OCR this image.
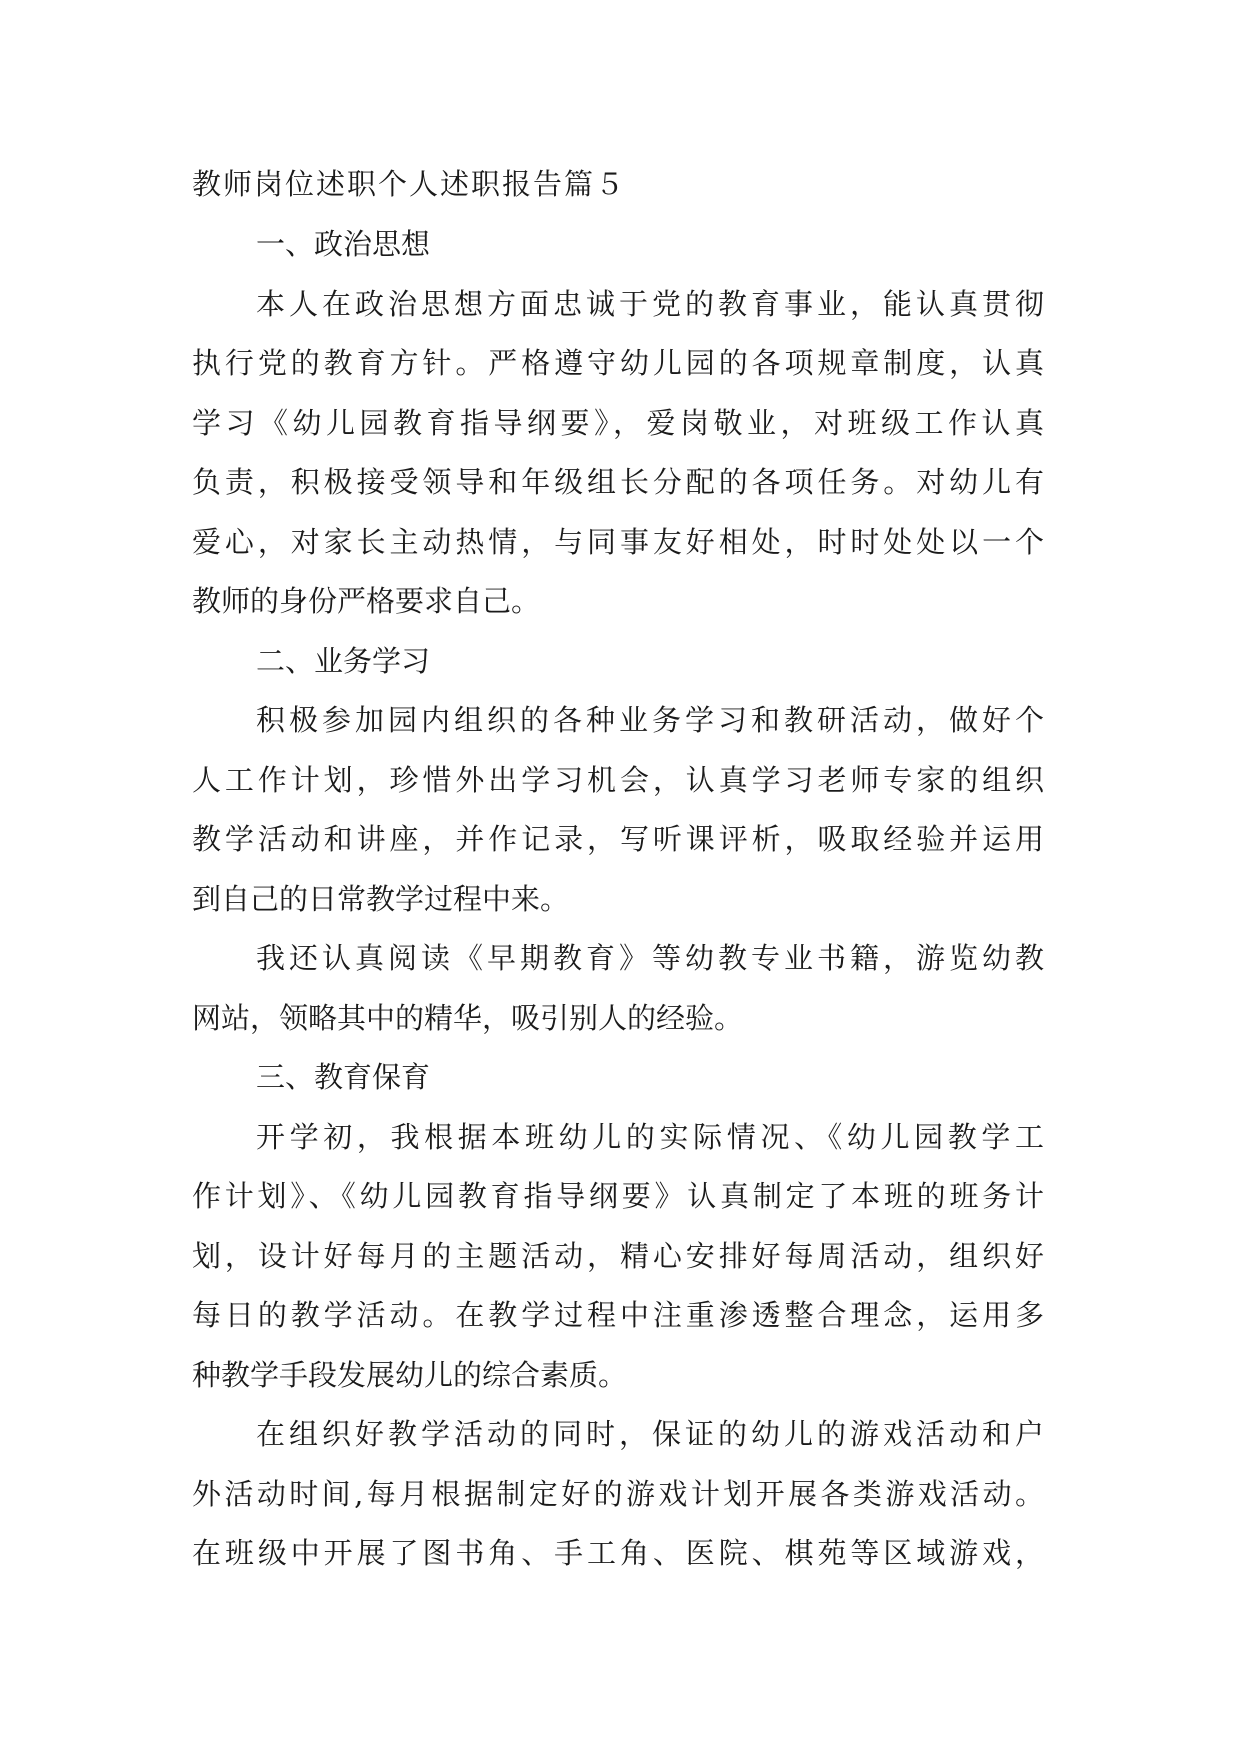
教师岗位述职个人述职报告篇５

一、政治思想

本人在政治思想方面忠诚于党的教育事业，能认真贯彻

执行党的教育方针。严格遵守幼儿园的各项规章制度，认真

学习《幼儿园教育指导纲要》，爱岗敬业，对班级工作认真

负责，积极接受领导和年级组长分配的各项任务。对幼儿有

爱心，对家长主动热情，与同事友好相处，时时处处以一个

教师的身份严格要求自己。

二、业务学习

积极参加园内组织的各种业务学习和教研活动，做好个

人工作计划，珍惜外出学习机会，认真学习老师专家的组织

教学活动和讲座，并作记录，写听课评析，吸取经验并运用

到自己的日常教学过程中来。

我还认真阅读《早期教育》等幼教专业书籍，游览幼教

网站，领略其中的精华，吸引别人的经验。

三、教育保育

开学初，我根据本班幼儿的实际情况、《幼儿园教学工

作计划》、《幼儿园教育指导纲要》认真制定了本班的班务计

划，设计好每月的主题活动，精心安排好每周活动，组织好

每日的教学活动。在教学过程中注重渗透整合理念，运用多

种教学手段发展幼儿的综合素质。

在组织好教学活动的同时，保证的幼儿的游戏活动和户

外活动时间,每月根据制定好的游戏计划开展各类游戏活动。

在班级中开展了图书角、手工角、医院、棋苑等区域游戏，
